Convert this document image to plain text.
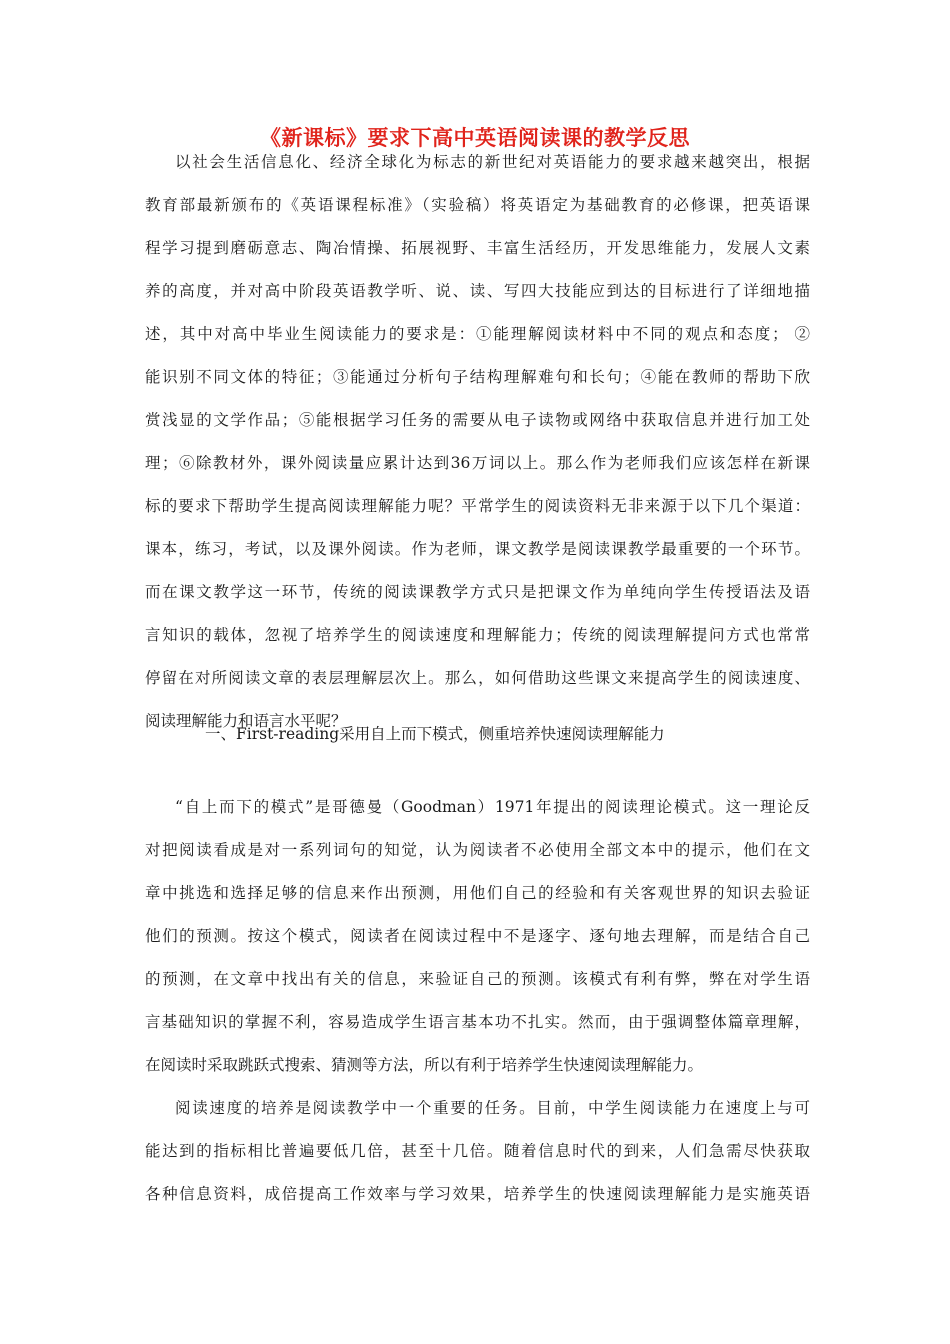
《新课标》要求下高中英语阅读课的教学反思
以社会生活信息化、经济全球化为标志的新世纪对英语能力的要求越来越突出，根据
教育部最新颁布的《英语课程标准》（实验稿）将英语定为基础教育的必修课，把英语课
程学习提到磨砺意志、陶冶情操、拓展视野、丰富生活经历，开发思维能力，发展人文素
养的高度，并对高中阶段英语教学听、说、读、写四大技能应到达的目标进行了详细地描
述，其中对高中毕业生阅读能力的要求是：①能理解阅读材料中不同的观点和态度； ②
能识别不同文体的特征；③能通过分析句子结构理解难句和长句；④能在教师的帮助下欣
赏浅显的文学作品；⑤能根据学习任务的需要从电子读物或网络中获取信息并进行加工处
理；⑥除教材外，课外阅读量应累计达到36万词以上。那么作为老师我们应该怎样在新课
标的要求下帮助学生提高阅读理解能力呢？平常学生的阅读资料无非来源于以下几个渠道：
课本，练习，考试，以及课外阅读。作为老师，课文教学是阅读课教学最重要的一个环节。
而在课文教学这一环节，传统的阅读课教学方式只是把课文作为单纯向学生传授语法及语
言知识的载体，忽视了培养学生的阅读速度和理解能力；传统的阅读理解提问方式也常常
停留在对所阅读文章的表层理解层次上。那么，如何借助这些课文来提高学生的阅读速度、
阅读理解能力和语言水平呢？
一、First-reading采用自上而下模式，侧重培养快速阅读理解能力
“自上而下的模式”是哥德曼（Goodman）1971年提出的阅读理论模式。这一理论反
对把阅读看成是对一系列词句的知觉，认为阅读者不必使用全部文本中的提示，他们在文
章中挑选和选择足够的信息来作出预测，用他们自己的经验和有关客观世界的知识去验证
他们的预测。按这个模式，阅读者在阅读过程中不是逐字、逐句地去理解，而是结合自己
的预测，在文章中找出有关的信息，来验证自己的预测。该模式有利有弊，弊在对学生语
言基础知识的掌握不利，容易造成学生语言基本功不扎实。然而，由于强调整体篇章理解，
在阅读时采取跳跃式搜索、猜测等方法，所以有利于培养学生快速阅读理解能力。
阅读速度的培养是阅读教学中一个重要的任务。目前，中学生阅读能力在速度上与可
能达到的指标相比普遍要低几倍，甚至十几倍。随着信息时代的到来，人们急需尽快获取
各种信息资料，成倍提高工作效率与学习效果，培养学生的快速阅读理解能力是实施英语
